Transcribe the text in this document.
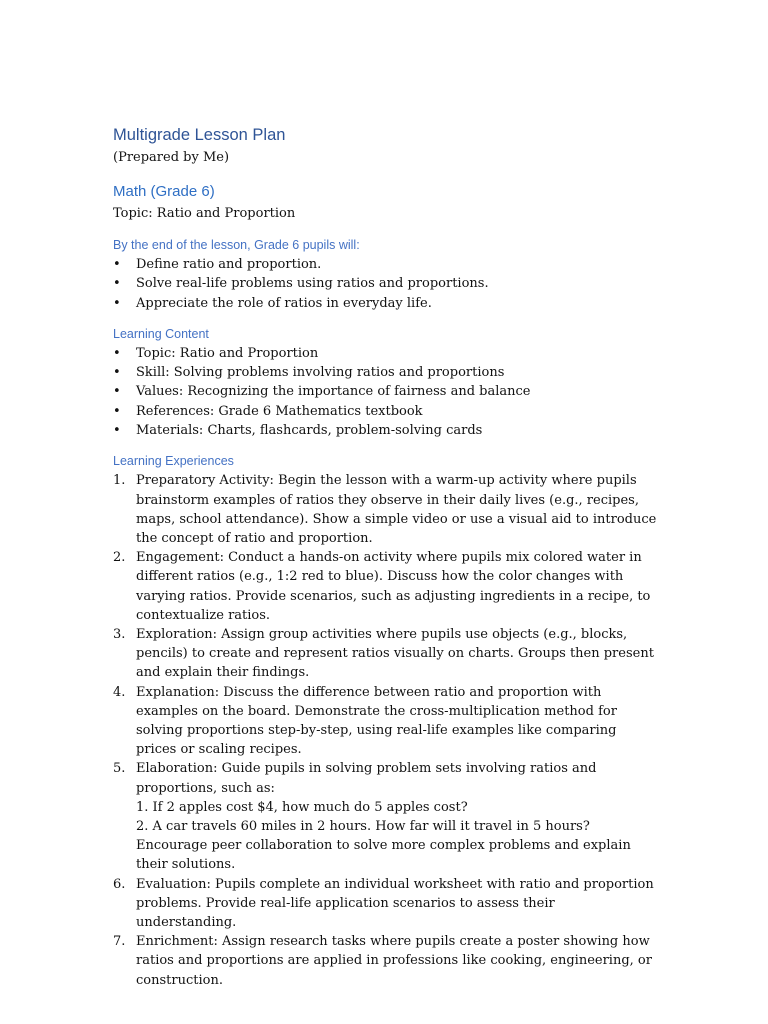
Multigrade Lesson Plan

(Prepared by Me)

Math (Grade 6)

Topic: Ratio and Proportion

By the end of the lesson, Grade 6 pupils will:
• Define ratio and proportion.
• Solve real-life problems using ratios and proportions.
• Appreciate the role of ratios in everyday life.
Learning Content
• Topic: Ratio and Proportion
• Skill: Solving problems involving ratios and proportions
• Values: Recognizing the importance of fairness and balance
• References: Grade 6 Mathematics textbook
• Materials: Charts, flashcards, problem-solving cards
Learning Experiences
1. Preparatory Activity: Begin the lesson with a warm-up activity where pupils brainstorm examples of ratios they observe in their daily lives (e.g., recipes, maps, school attendance). Show a simple video or use a visual aid to introduce the concept of ratio and proportion.
2. Engagement: Conduct a hands-on activity where pupils mix colored water in different ratios (e.g., 1:2 red to blue). Discuss how the color changes with varying ratios. Provide scenarios, such as adjusting ingredients in a recipe, to contextualize ratios.
3. Exploration: Assign group activities where pupils use objects (e.g., blocks, pencils) to create and represent ratios visually on charts. Groups then present and explain their findings.
4. Explanation: Discuss the difference between ratio and proportion with examples on the board. Demonstrate the cross-multiplication method for solving proportions step-by-step, using real-life examples like comparing prices or scaling recipes.
5. Elaboration: Guide pupils in solving problem sets involving ratios and proportions, such as:
1. If 2 apples cost $4, how much do 5 apples cost?
2. A car travels 60 miles in 2 hours. How far will it travel in 5 hours?
Encourage peer collaboration to solve more complex problems and explain their solutions.
6. Evaluation: Pupils complete an individual worksheet with ratio and proportion problems. Provide real-life application scenarios to assess their understanding.
7. Enrichment: Assign research tasks where pupils create a poster showing how ratios and proportions are applied in professions like cooking, engineering, or construction.
